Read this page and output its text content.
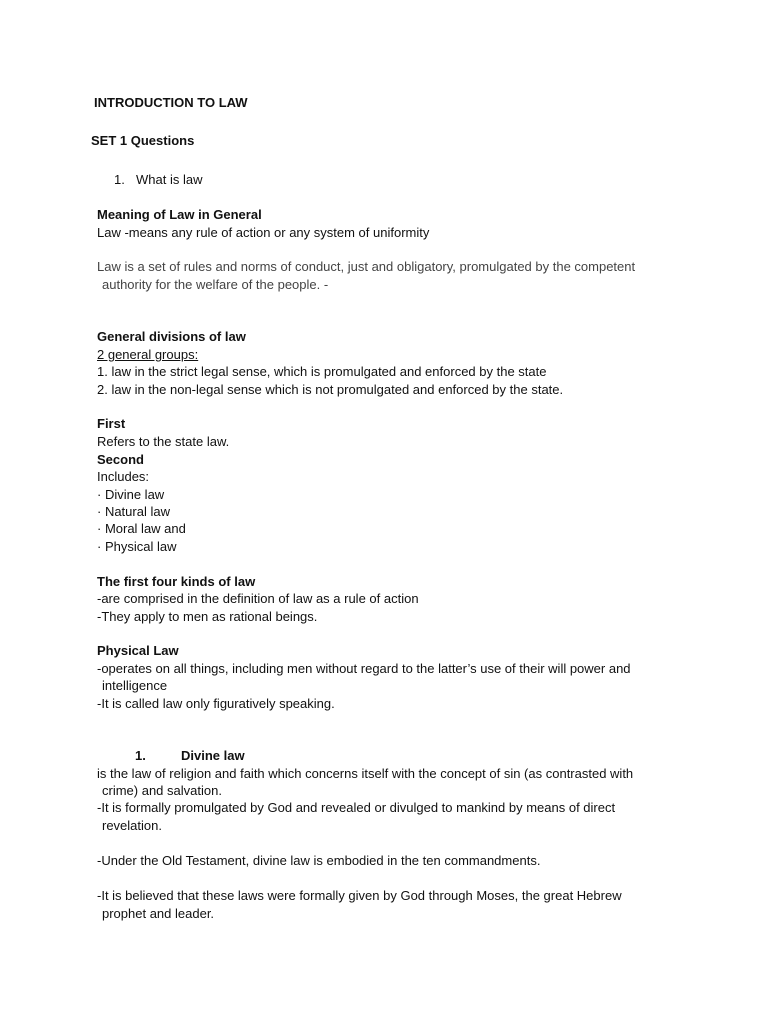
INTRODUCTION TO LAW
SET 1 Questions
1. What is law
Meaning of Law in General
Law -means any rule of action or any system of uniformity
Law is a set of rules and norms of conduct, just and obligatory, promulgated by the competent
authority for the welfare of the people. -
General divisions of law
2 general groups:
1. law in the strict legal sense, which is promulgated and enforced by the state
2. law in the non-legal sense which is not promulgated and enforced by the state.
First
Refers to the state law.
Second
Includes:
· Divine law
· Natural law
· Moral law and
· Physical law
The first four kinds of law
-are comprised in the definition of law as a rule of action
-They apply to men as rational beings.
Physical Law
-operates on all things, including men without regard to the latter’s use of their will power and
intelligence
-It is called law only figuratively speaking.
1.	Divine law
is the law of religion and faith which concerns itself with the concept of sin (as contrasted with
crime) and salvation.
-It is formally promulgated by God and revealed or divulged to mankind by means of direct
revelation.
-Under the Old Testament, divine law is embodied in the ten commandments.
-It is believed that these laws were formally given by God through Moses, the great Hebrew
prophet and leader.
